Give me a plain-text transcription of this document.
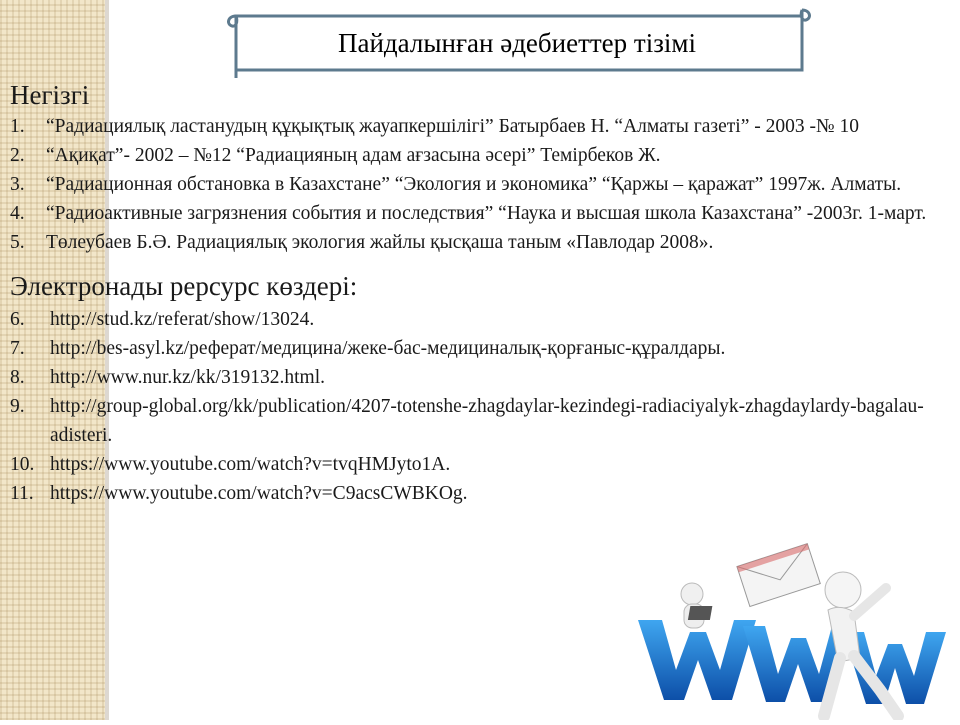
Пайдалынған әдебиеттер тізімі
Негізгі
1.	“Радиациялық ластанудың құқықтық жауапкершілігі” Батырбаев Н. “Алматы газеті” - 2003 -№ 10
2.	“Ақиқат”- 2002 – №12 “Радиацияның адам ағзасына әсері” Темірбеков Ж.
3.	“Радиационная обстановка в Казахстане” “Экология и экономика” “Қаржы – қаражат” 1997ж. Алматы.
4.	“Радиоактивные загрязнения события и последствия” “Наука и высшая школа Казахстана” -2003г. 1-март.
5.	Төлеубаев Б.Ә. Радиациялық экология жайлы қысқаша таным «Павлодар 2008».
Электронады рерсурс көздері:
6.	http://stud.kz/referat/show/13024.
7.	http://bes-asyl.kz/реферат/медицина/жеке-бас-медициналық-қорғаныс-құралдары.
8.	http://www.nur.kz/kk/319132.html.
9.	http://group-global.org/kk/publication/4207-totenshe-zhagdaylar-kezindegi-radiaciyalyk-zhagdaylardy-bagalau-adisteri.
10. https://www.youtube.com/watch?v=tvqHMJyto1A.
11. https://www.youtube.com/watch?v=C9acsCWBKOg.
